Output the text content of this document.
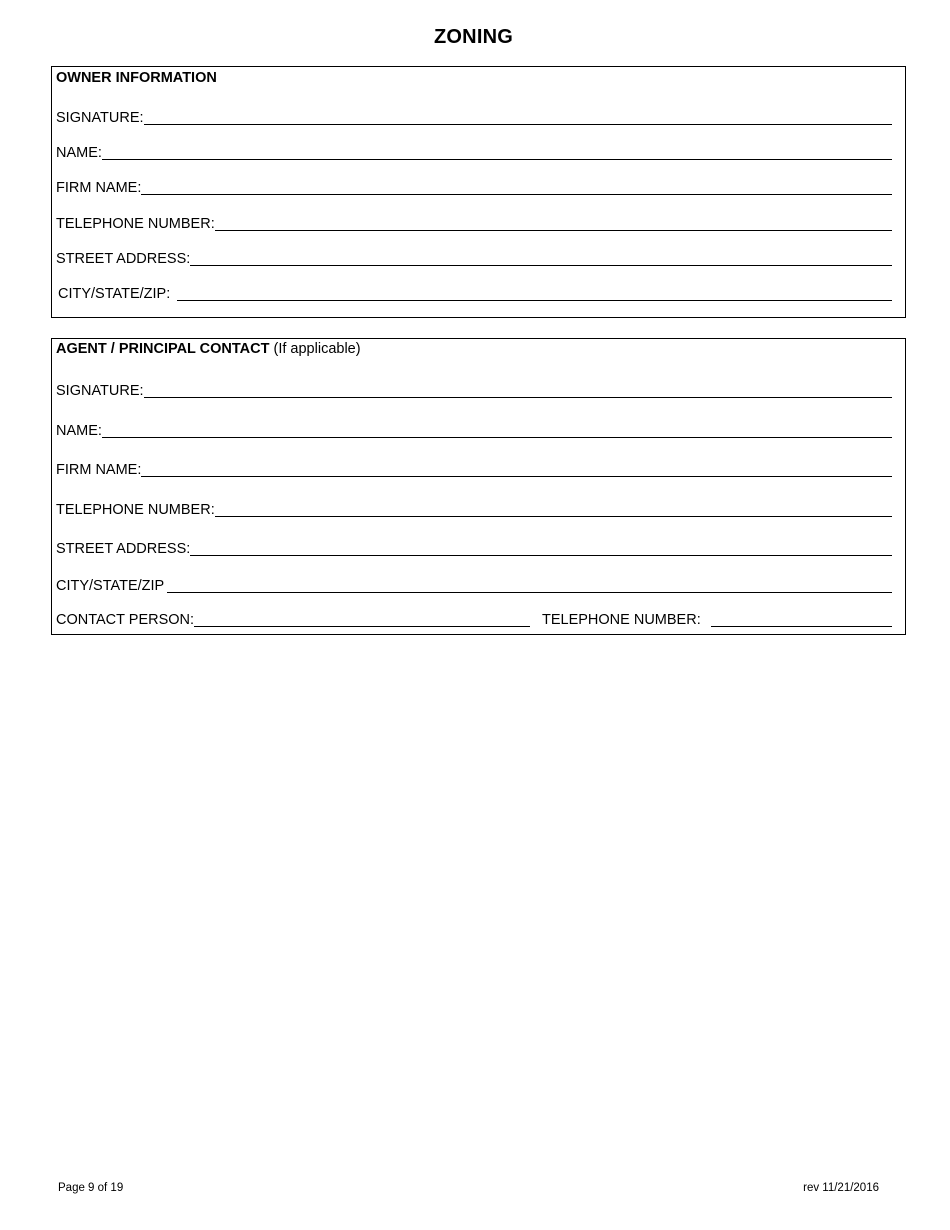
ZONING
OWNER INFORMATION
SIGNATURE:
NAME:
FIRM NAME:
TELEPHONE NUMBER:
STREET ADDRESS:
CITY/STATE/ZIP:
AGENT / PRINCIPAL CONTACT (If applicable)
SIGNATURE:
NAME:
FIRM NAME:
TELEPHONE NUMBER:
STREET ADDRESS:
CITY/STATE/ZIP
CONTACT PERSON:	TELEPHONE NUMBER:
Page 9 of 19	rev 11/21/2016
